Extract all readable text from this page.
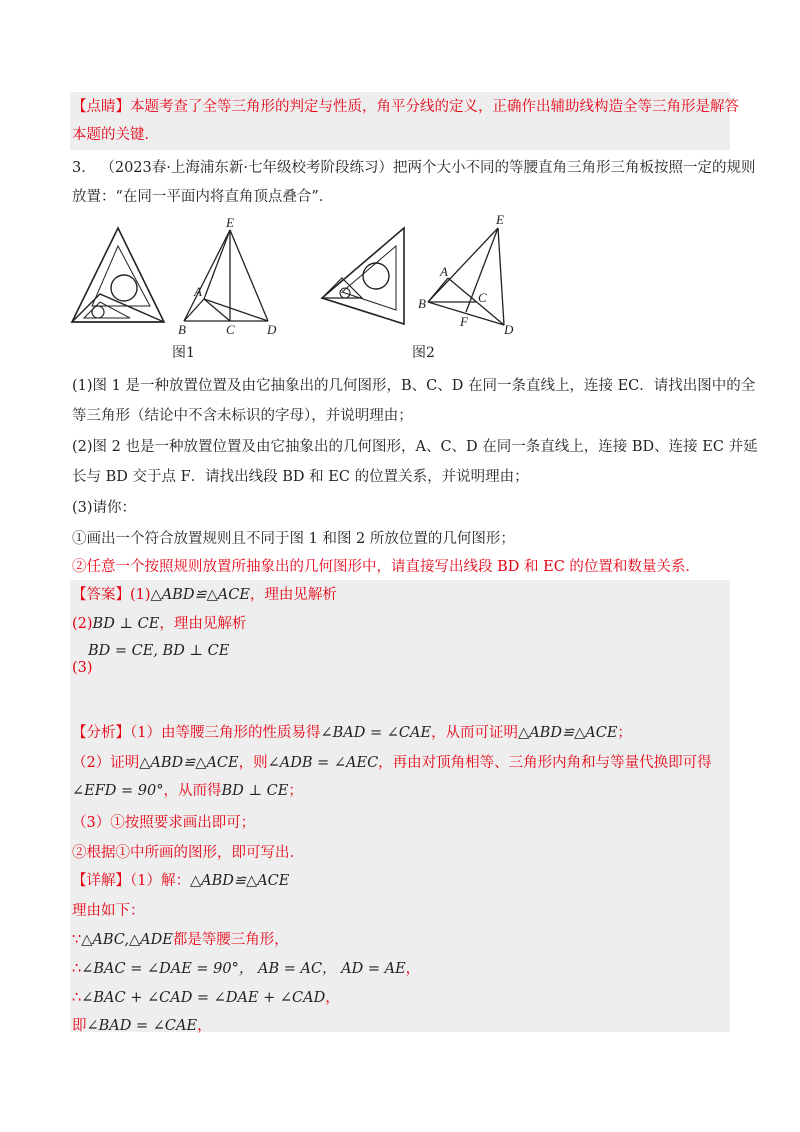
【点睛】本题考查了全等三角形的判定与性质，角平分线的定义，正确作出辅助线构造全等三角形是解答
本题的关键．
3． （2023春·上海浦东新·七年级校考阶段练习）把两个大小不同的等腰直角三角形三角板按照一定的规则
放置：“在同一平面内将直角顶点叠合”．
E
A
B	C D
E
A
B	C
F
D
图1	图2
(1)图 1 是一种放置位置及由它抽象出的几何图形，B、C、D 在同一条直线上，连接 EC．请找出图中的全
等三角形（结论中不含未标识的字母），并说明理由；
(2)图 2 也是一种放置位置及由它抽象出的几何图形，A、C、D 在同一条直线上，连接 BD、连接 EC 并延
长与 BD 交于点 F．请找出线段 BD 和 EC 的位置关系，并说明理由；
(3)请你：
①画出一个符合放置规则且不同于图 1 和图 2 所放位置的几何图形；
②任意一个按照规则放置所抽象出的几何图形中，请直接写出线段 BD 和 EC 的位置和数量关系．
【答案】(1)△ABD≌△ACE，理由见解析
(2)BD ⊥ CE，理由见解析
BD = CE, BD ⊥ CE
(3)
【分析】（1）由等腰三角形的性质易得∠BAD = ∠CAE，从而可证明△ABD≌△ACE；
（2）证明△ABD≌△ACE，则∠ADB = ∠AEC，再由对顶角相等、三角形内角和与等量代换即可得
∠EFD = 90°，从而得BD ⊥ CE；
（3）①按照要求画出即可；
②根据①中所画的图形，即可写出．
【详解】（1）解：△ABD≌△ACE
理由如下：
∵△ABC,△ADE都是等腰三角形，
∴∠BAC = ∠DAE = 90°， AB = AC， AD = AE，
∴∠BAC + ∠CAD = ∠DAE + ∠CAD，
即∠BAD = ∠CAE，
